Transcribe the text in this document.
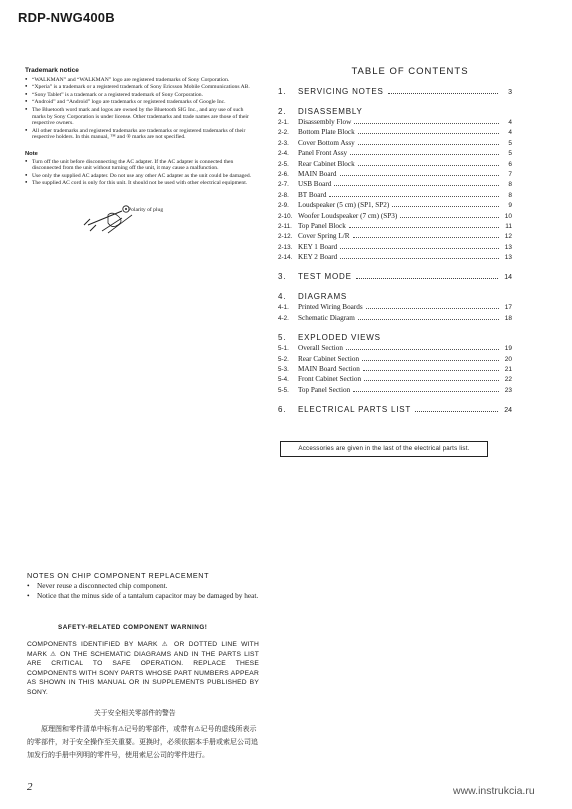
RDP-NWG400B
Trademark notice
● “WALKMAN” and “WALKMAN” logo are registered trademarks of Sony Corporation.
● “Xperia” is a trademark or a registered trademark of Sony Ericsson Mobile Communications AB.
● “Sony Tablet” is a trademark or a registered trademark of Sony Corporation.
● “Android” and “Android” logo are trademarks or registered trademarks of Google Inc.
● The Bluetooth word mark and logos are owned by the Bluetooth SIG Inc., and any use of such marks by Sony Corporation is under license. Other trademarks and trade names are those of their respective owners.
● All other trademarks and registered trademarks are trademarks or registered trademarks of their respective holders. In this manual, ™ and ® marks are not specified.
Note
● Turn off the unit before disconnecting the AC adapter. If the AC adapter is connected then disconnected from the unit without turning off the unit, it may cause a malfunction.
● Use only the supplied AC adapter. Do not use any other AC adapter as the unit could be damaged.
● The supplied AC cord is only for this unit. It should not be used with other electrical equipment.
Polarity of plug
TABLE OF CONTENTS
1.	SERVICING NOTES	3
2.	DISASSEMBLY
2-1.	Disassembly Flow	4
2-2.	Bottom Plate Block	4
2-3.	Cover Bottom Assy	5
2-4.	Panel Front Assy	5
2-5.	Rear Cabinet Block	6
2-6.	MAIN Board	7
2-7.	USB Board	8
2-8.	BT Board	8
2-9.	Loudspeaker (5 cm) (SP1, SP2)	9
2-10. Woofer Loudspeaker (7 cm) (SP3)	10
2-11. Top Panel Block	11
2-12. Cover Spring L/R	12
2-13. KEY 1 Board	13
2-14. KEY 2 Board	13
3.	TEST MODE	14
4.	DIAGRAMS
4-1.	Printed Wiring Boards	17
4-2.	Schematic Diagram	18
5.	EXPLODED VIEWS
5-1.	Overall Section	19
5-2.	Rear Cabinet Section	20
5-3.	MAIN Board Section	21
5-4.	Front Cabinet Section	22
5-5.	Top Panel Section	23
6.	ELECTRICAL PARTS LIST	24
Accessories are given in the last of the electrical parts list.
NOTES ON CHIP COMPONENT REPLACEMENT
• Never reuse a disconnected chip component.
• Notice that the minus side of a tantalum capacitor may be damaged by heat.
SAFETY-RELATED COMPONENT WARNING!
COMPONENTS IDENTIFIED BY MARK ⚠ OR DOTTED LINE WITH MARK ⚠ ON THE SCHEMATIC DIAGRAMS AND IN THE PARTS LIST ARE CRITICAL TO SAFE OPERATION. REPLACE THESE COMPONENTS WITH SONY PARTS WHOSE PART NUMBERS APPEAR AS SHOWN IN THIS MANUAL OR IN SUPPLEMENTS PUBLISHED BY SONY.
关于安全相关零部件的警告
原理图和零件清单中标有⚠记号的零部件，或带有⚠记号的虚线所表示的零部件，对于安全操作至关重要。更换时，必须依据本手册或索尼公司追加发行的手册中列明的零件号，使用索尼公司的零件进行。
2	www.instrukcia.ru
